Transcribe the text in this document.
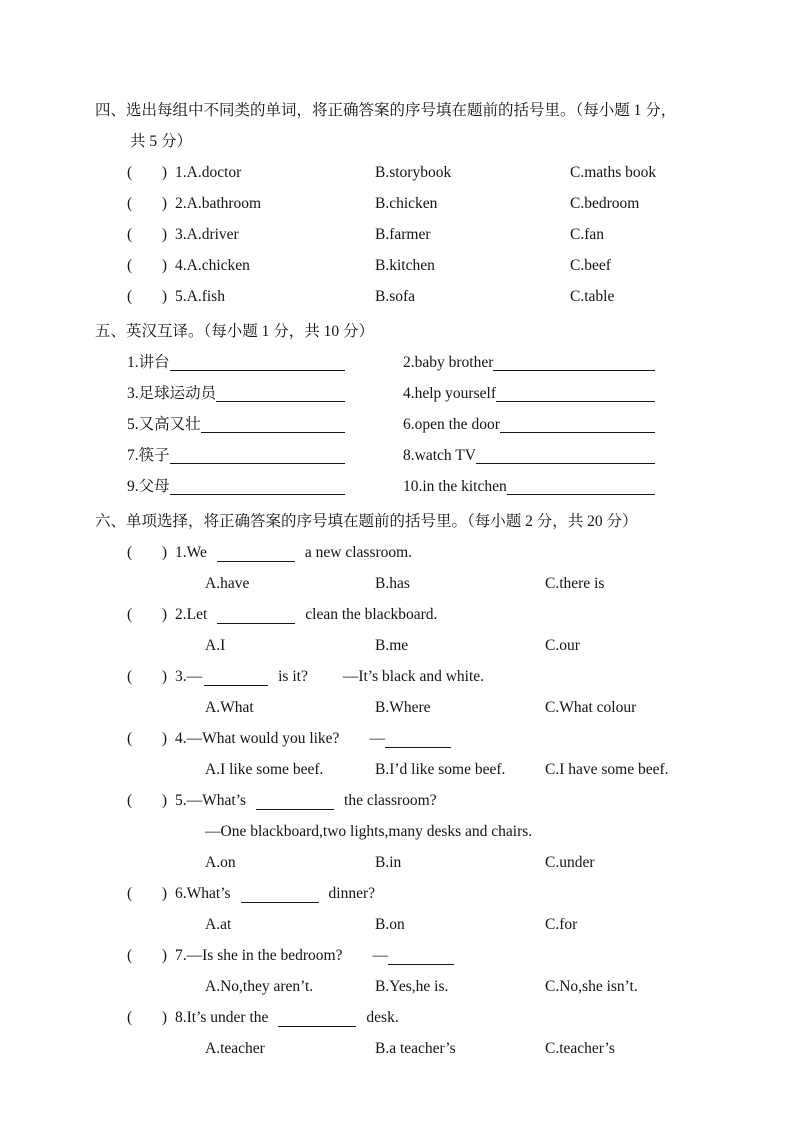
四、选出每组中不同类的单词，将正确答案的序号填在题前的括号里。（每小题 1 分，
共 5 分）
( ) 1.A.doctor	B.storybook	C.maths book
( ) 2.A.bathroom	B.chicken	C.bedroom
( ) 3.A.driver	B.farmer	C.fan
( ) 4.A.chicken	B.kitchen	C.beef
( ) 5.A.fish	B.sofa	C.table
五、英汉互译。（每小题 1 分，共 10 分）
1.讲台	2.baby brother
3.足球运动员	4.help yourself
5.又高又壮	6.open the door
7.筷子	8.watch TV
9.父母	10.in the kitchen
六、单项选择，将正确答案的序号填在题前的括号里。（每小题 2 分，共 20 分）
( ) 1.We	a new classroom.
A.have	B.has	C.there is
( ) 2.Let	clean the blackboard.
A.I	B.me	C.our
( ) 3.—	is it? —It’s black and white.
A.What	B.Where	C.What colour
( ) 4.—What would you like? —
A.I like some beef.	B.I’d like some beef.	C.I have some beef.
( ) 5.—What’s	the classroom?
—One blackboard,two lights,many desks and chairs.
A.on	B.in	C.under
( ) 6.What’s	dinner?
A.at	B.on	C.for
( ) 7.—Is she in the bedroom? —
A.No,they aren’t.	B.Yes,he is.	C.No,she isn’t.
( ) 8.It’s under the	desk.
A.teacher	B.a teacher’s	C.teacher’s
